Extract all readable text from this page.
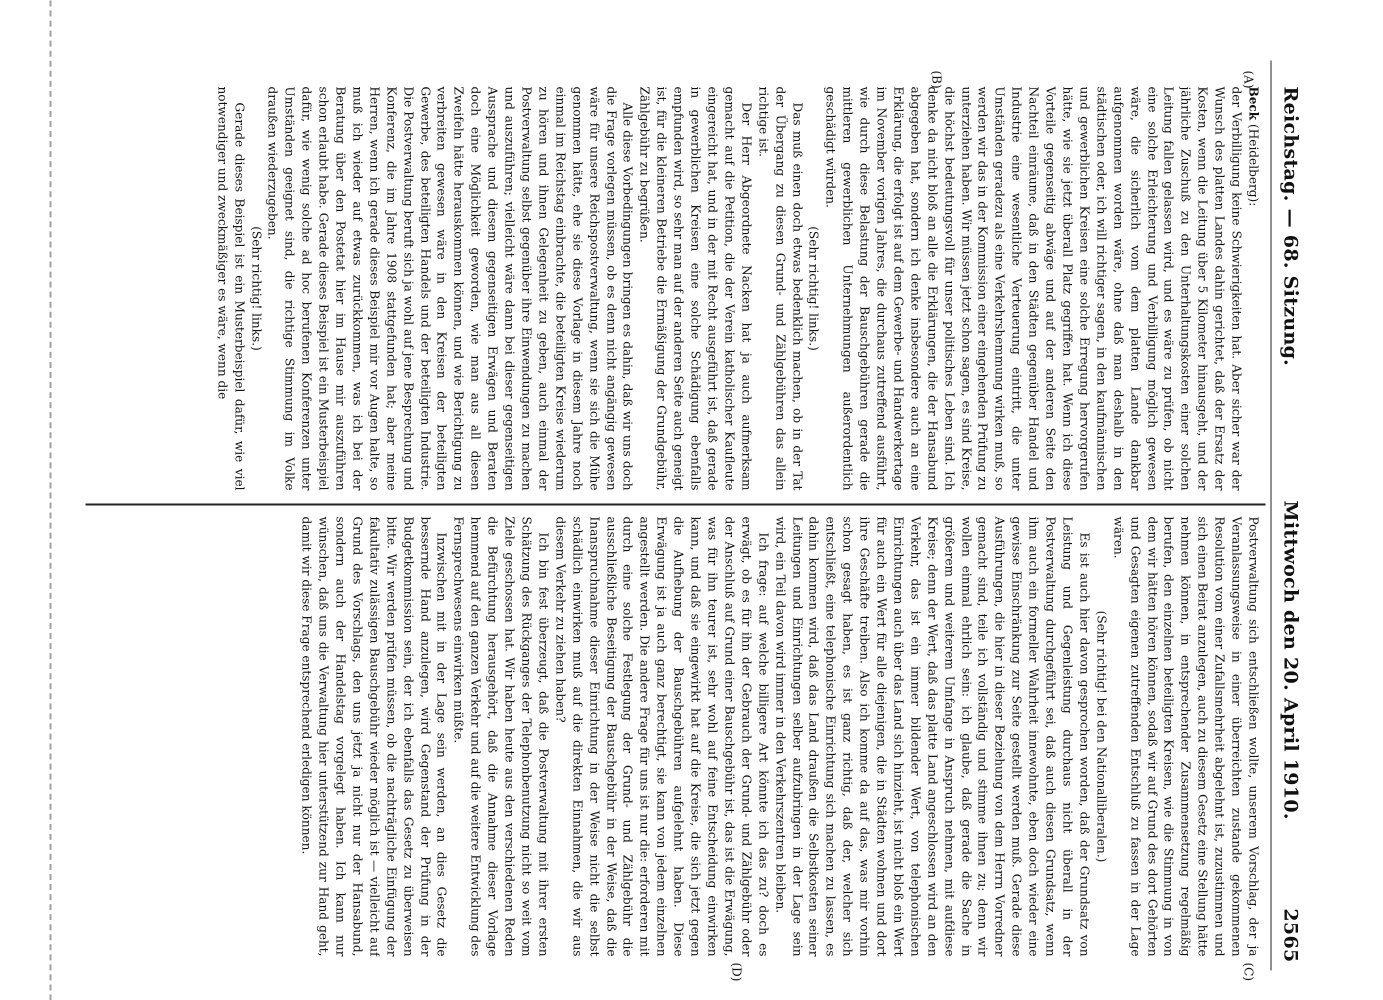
Reichstag. — 68. Sitzung.
Mittwoch den 20. April 1910.
2565
(A)
(B)
(C)
(D)

Beck (Heidelberg):

der Verbilligung keine Schwierigkeiten hat. Aber sicher war der Wunsch des platten Landes dahin gerichtet, daß der Ersatz der Kosten, wenn die Leitung über 5 Kilometer hinausgeht, und der jährliche Zuschuß zu den Unterhaltungskosten einer solchen Leitung fallen gelassen wird, und es wäre zu prüfen, ob nicht eine solche Erleichterung und Verbilligung möglich gewesen wäre, die sicherlich vom dem platten Lande dankbar aufgenommen worden wäre, ohne daß man deshalb in den städtischen oder, ich will richtiger sagen, in den kaufmännischen und gewerblichen Kreisen eine solche Erregung hervorgerufen hätte, wie sie jetzt überall Platz gegriffen hat. Wenn ich diese Vorteile gegenseitig abwäge und auf der anderen Seite den Nachteil einräume, daß in den Städten gegenüber Handel und Industrie eine wesentliche Verteuerung eintritt, die unter Umständen geradezu als eine Verkehrshemmung wirken muß, so werden wir das in der Kommission einer eingehenden Prüfung zu unterziehen haben. Wir müssen jetzt schon sagen, es sind Kreise, die höchst bedeutungsvoll für unser politisches Leben sind. Ich denke da nicht bloß an alle die Erklärungen, die der Hansabund abgegeben hat, sondern ich denke insbesondere auch an eine Erklärung, die erfolgt ist auf dem Gewerbe- und Handwerkertage im November vorigen Jahres, die durchaus zutreffend ausführt, wie durch diese Belastung der Bauschgebühren gerade die mittleren gewerblichen Unternehmungen außerordentlich geschädigt würden.

(Sehr richtig! links.)

Das muß einen doch etwas bedenklich machen, ob in der Tat der Übergang zu diesen Grund- und Zählgebühren das allein richtige ist.

Der Herr Abgeordnete Nacken hat ja auch aufmerksam gemacht auf die Petition, die der Verein katholischer Kaufleute eingereicht hat, und in der mit Recht ausgeführt ist, daß gerade in gewerblichen Kreisen eine solche Schädigung ebenfalls empfunden wird, so sehr man auf der anderen Seite auch geneigt ist, für die kleineren Betriebe die Ermäßigung der Grundgebühr, Zählgebühr zu begrüßen.

Alle diese Vorbedingungen bringen es dahin, daß wir uns doch die Frage vorlegen müssen, ob es denn nicht angängig gewesen wäre für unsere Reichspostverwaltung, wenn sie sich die Mühe genommen hätte, ehe sie diese Vorlage in diesem Jahre noch einmal im Reichstag einbrachte, die beteiligten Kreise wiederum zu hören und ihnen Gelegenheit zu geben, auch einmal der Postverwaltung selbst gegenüber ihre Einwendungen zu machen und auszuführen; vielleicht wäre dann bei dieser gegenseitigen Aussprache und diesem gegenseitigen Erwägen und Beraten doch eine Möglichkeit geworden, wie man aus all diesen Zweifeln hätte herauskommen können, und wie Berichtigung zu verbreiten gewesen wäre in den Kreisen der beteiligten Gewerbe, des beteiligten Handels und der beteiligten Industrie. Die Postverwaltung beruft sich ja wohl auf jene Besprechung und Konferenz, die im Jahre 1908 stattgefunden hat; aber meine Herren, wenn ich gerade dieses Beispiel mir vor Augen halte, so muß ich wieder auf etwas zurückkommen, was ich bei der Beratung über den Postetat hier im Hause mir auszuführen schon erlaubt habe. Gerade dieses Beispiel ist ein Musterbeispiel dafür, wie wenig solche ad hoc berufenen Konferenzen unter Umständen geeignet sind, die richtige Stimmung im Volke draußen wiederzugeben.

(Sehr richtig! links.)

Gerade dieses Beispiel ist ein Musterbeispiel dafür, wie viel notwendiger und zweckmäßiger es wäre, wenn die

Postverwaltung sich entschließen wollte, unserem Vorschlag, der ja Veranlassungsweise in einer überreichten zustande gekommenen Resolution vom einer Zufallsmehrheit abgelehnt ist, zuzustimmen und sich einen Beirat anzulegen, auch zu diesem Gesetz eine Stellung hätte nehmen können, in entsprechender Zusammensetzung regelmäßig berufen, den einzelnen beteiligten Kreisen, wie die Stimmung in von dem wir hätten hören können, sodaß wir auf Grund des dort Gehörten und Gesagten eigenen zutreffenden Entschluß zu fassen in der Lage wären.

(Sehr richtig! bei den Nationalliberalen.)

Es ist auch hier davon gesprochen worden, daß der Grundsatz von Leistung und Gegenleistung durchaus nicht überall in der Postverwaltung durchgeführt sei, daß auch diesen Grundsatz, wenn ihm auch ein formeller Wahrheit innewohnte, eben doch wieder eine gewisse Einschränkung zur Seite gestellt werden muß. Gerade diese Ausführungen, die hier in dieser Beziehung von dem Herrn Vorredner gemacht sind, teile ich vollständig und stimme ihnen zu; denn wir wollen einmal ehrlich sein: ich glaube, daß gerade die Sache in größerem und weiterem Umfange in Anspruch nehmen, mit aufdiese Kreise; denn der Wert, daß das platte Land angeschlossen wird an den Verkehr, das ist ein immer bildender Wert, von telephonischen Einrichtungen auch über das Land sich hinzieht, ist nicht bloß ein Wert für auch ein Wert für alle diejenigen, die in Städten wohnen und dort ihre Geschäfte treiben. Also ich komme da auf das, was mir vorhin schon gesagt haben, es ist ganz richtig, daß der, welcher sich entschließt, eine telephonische Einrichtung sich machen zu lassen, es dahin kommen wird, daß das Land draußen die Selbstkosten seiner Leitungen und Einrichtungen selber aufzubringen in der Lage sein wird, ein Teil davon wird immer in den Verkehrszentren bleiben.

Ich frage: auf welche billigere Art könnte ich das zu? doch es erwägt, ob es für ihn der Gebrauch der Grund- und Zählgebühr oder der Anschluß auf Grund einer Bauschgebühr ist, das ist die Erwägung, was für ihn teurer ist, sehr wohl auf feine Entscheidung einwirken kann, und daß sie eingewirkt hat auf die Kreise, die sich jetzt gegen die Aufhebung der Bauschgebühren aufgelehnt haben. Diese Erwägung ist ja auch ganz berechtigt, sie kann von jedem einzelnen angestellt werden. Die andere Frage für uns ist nur die: erforderen mit durch eine solche Festlegung der Grund- und Zählgebühr die ausschließliche Beseitigung der Bauschgebühr in der Weise, daß die Inanspruchnahme dieser Einrichtung in der Weise nicht die selbst schädlich einwirken muß auf die direkten Einnahmen, die wir aus diesem Verkehr zu ziehen haben?

Ich bin fest überzeugt, daß die Postverwaltung mit ihrer ersten Schätzung des Rückganges der Telephonbenutzung nicht so weit vom Ziele geschossen hat. Wir haben heute aus den verschiedenen Reden die Befürchtung herausgehört, daß die Annahme dieser Vorlage hemmend auf den ganzen Verkehr und auf die weitere Entwicklung des Fernsprechwesens einwirken müßte.

Inzwischen mit in der Lage sein werden, an dies Gesetz die bessernde Hand anzulegen, wird Gegenstand der Prüfung in der Budgetkommission sein, der ich ebenfalls das Gesetz zu überweisen bitte. Wir werden prüfen müssen, ob die nachträgliche Einfügung der fakultativ zulässigen Bauschgebühr wieder möglich ist — vielleicht auf Grund des Vorschlags, den uns jetzt ja nicht nur der Hansabund, sondern auch der Handelstag vorgelegt haben. Ich kann nur wünschen, daß uns die Verwaltung hier unterstützend zur Hand geht, damit wir diese Frage entsprechend erledigen können.
